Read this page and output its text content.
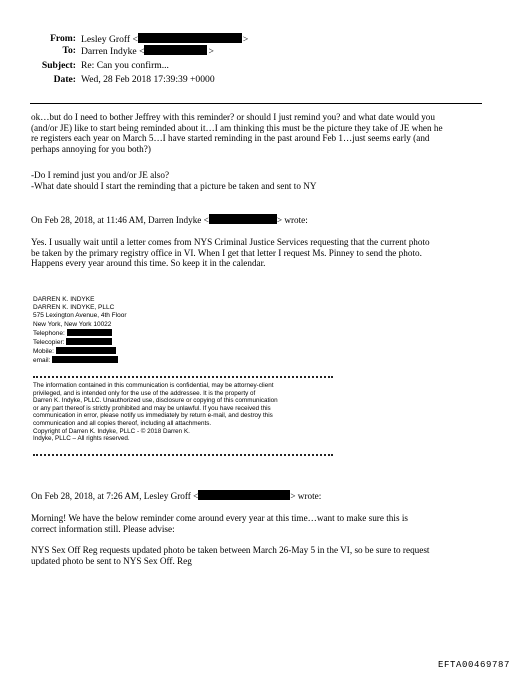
From: Lesley Groff <	>
To: Darren Indyke <	>
Subject: Re: Can you confirm...
Date: Wed, 28 Feb 2018 17:39:39 +0000
ok…but do I need to bother Jeffrey with this reminder? or should I just remind you? and what date would you
(and/or JE) like to start being reminded about it…I am thinking this must be the picture they take of JE when he
re registers each year on March 5…I have started reminding in the past around Feb 1…just seems early (and
perhaps annoying for you both?)
-Do I remind just you and/or JE also?
-What date should I start the reminding that a picture be taken and sent to NY
On Feb 28, 2018, at 11:46 AM, Darren Indyke <	> wrote:
Yes. I usually wait until a letter comes from NYS Criminal Justice Services requesting that the current photo
be taken by the primary registry office in VI. When I get that letter I request Ms. Pinney to send the photo.
Happens every year around this time. So keep it in the calendar.
DARREN K. INDYKE
DARREN K. INDYKE, PLLC
575 Lexington Avenue, 4th Floor
New York, New York 10022
Telephone:
Telecopier:
Mobile:
email:
The information contained in this communication is confidential, may be attorney-client
privileged, and is intended only for the use of the addressee. It is the property of
Darren K. Indyke, PLLC. Unauthorized use, disclosure or copying of this communication
or any part thereof is strictly prohibited and may be unlawful. If you have received this
communication in error, please notify us immediately by return e-mail, and destroy this
communication and all copies thereof, including all attachments.
Copyright of Darren K. Indyke, PLLC - © 2018 Darren K.
Indyke, PLLC – All rights reserved.
On Feb 28, 2018, at 7:26 AM, Lesley Groff <	> wrote:
Morning! We have the below reminder come around every year at this time…want to make sure this is
correct information still. Please advise:
NYS Sex Off Reg requests updated photo be taken between March 26-May 5 in the VI, so be sure to request
updated photo be sent to NYS Sex Off. Reg
EFTA00469787
